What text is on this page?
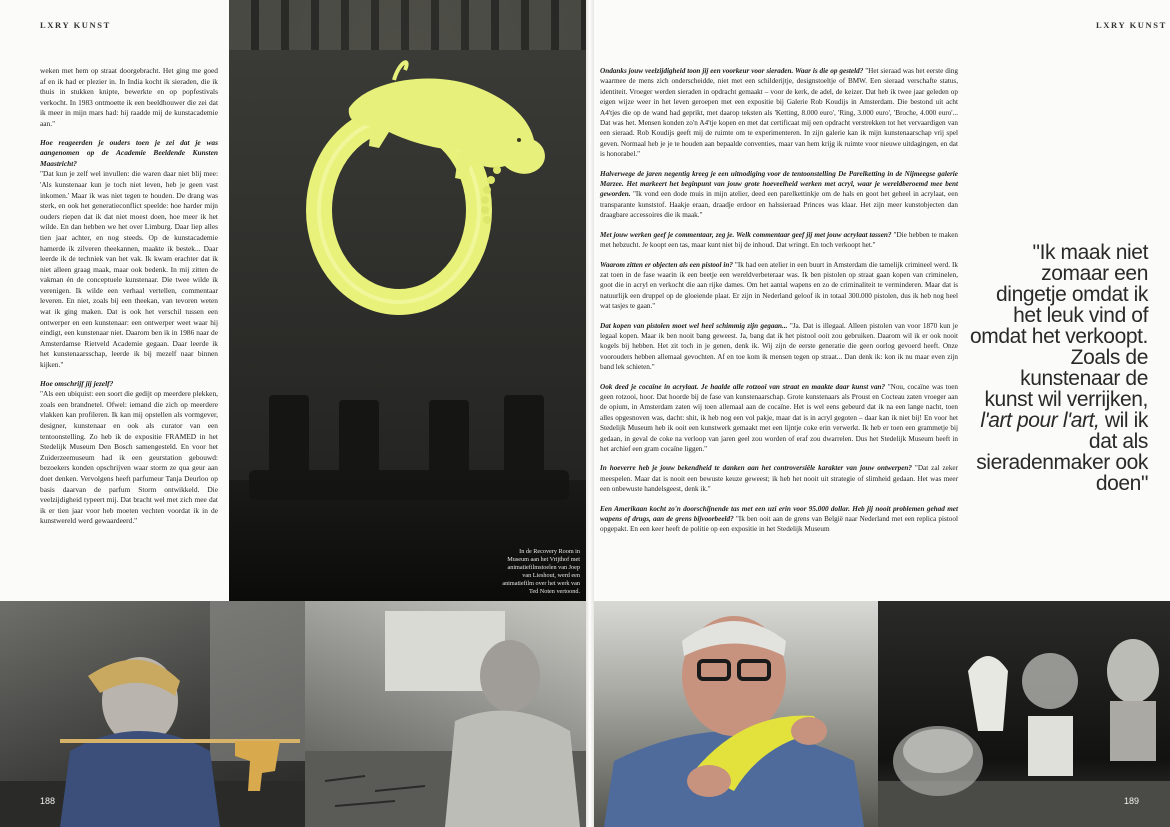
LXRY KUNST	LXRY KUNST

weken met hem op straat doorgebracht. Het ging me goed af en ik had er plezier in. In India kocht ik sieraden, die ik thuis in stukken knipte, bewerkte en op popfestivals verkocht. In 1983 ontmoette ik een beeldhouwer die zei dat ik meer in mijn mars had: hij raadde mij de kunstacademie aan."

Hoe reageerden je ouders toen je zei dat je was aangenomen op de Academie Beeldende Kunsten Maastricht?
"Dat kun je zelf wel invullen: die waren daar niet blij mee: 'Als kunstenaar kun je toch niet leven, heb je geen vast inkomen.' Maar ik was niet tegen te houden. De drang was sterk, en ook het generatieconflict speelde: hoe harder mijn ouders riepen dat ik dat niet moest doen, hoe meer ik het wilde. En dan hebben we het over Limburg. Daar liep alles tien jaar achter, en nog steeds. Op de kunstacademie hamerde ik zilveren theekannen, maakte ik bestek... Daar leerde ik de techniek van het vak. Ik kwam erachter dat ik niet alleen graag maak, maar ook bedenk. In mij zitten de vakman én de conceptuele kunstenaar. Die twee wilde ik verenigen. Ik wilde een verhaal vertellen, commentaar leveren. En niet, zoals bij een theekan, van tevoren weten wat ik ging maken. Dat is ook het verschil tussen een ontwerper en een kunstenaar: een ontwerper weet waar hij eindigt, een kunstenaar niet. Daarom ben ik in 1986 naar de Amsterdamse Rietveld Academie gegaan. Daar leerde ik het kunstenaarsschap, leerde ik bij mezelf naar binnen kijken."

Hoe omschrijf jij jezelf?
"Als een ubiquist: een soort die gedijt op meerdere plekken, zoals een brandnetel. Ofwel: iemand die zich op meerdere vlakken kan profileren. Ik kan mij opstellen als vormgever, designer, kunstenaar en ook als curator van een tentoonstelling. Zo heb ik de expositie FRAMED in het Stedelijk Museum Den Bosch samengesteld. En voor het Zuiderzeemuseum had ik een geurstation gebouwd: bezoekers konden opschrijven waar storm ze qua geur aan doet denken. Vervolgens heeft parfumeur Tanja Deurloo op basis daarvan de parfum Storm ontwikkeld. Die veelzijdigheid typeert mij. Dat bracht wel met zich mee dat ik er tien jaar voor heb moeten vechten voordat ik in de kunstwereld werd gewaardeerd."

In de Recovery Room in Museum aan het Vrijthof met animatiefilmstoelen van Joep van Lieshout, werd een animatiefilm over het werk van Ted Noten vertoond.

Ondanks jouw veelzijdigheid toon jij een voorkeur voor sieraden. Waar is die op gesteld? "Het sieraad was het eerste ding waarmee de mens zich onderscheidde, niet met een schilderijtje, designstoeltje of BMW. Een sieraad verschafte status, identiteit. Vroeger werden sieraden in opdracht gemaakt – voor de kerk, de adel, de keizer. Dat heb ik twee jaar geleden op eigen wijze weer in het leven geroepen met een expositie bij Galerie Rob Koudijs in Amsterdam. Die bestond uit acht A4'tjes die op de wand had geprikt, met daarop teksten als 'Ketting, 8.000 euro', 'Ring, 3.000 euro', 'Broche, 4.000 euro'... Dat was het. Mensen konden zo'n A4'tje kopen en met dat certificaat mij een opdracht verstrekken tot het vervaardigen van een sieraad. Rob Koudijs geeft mij de ruimte om te experimenteren. In zijn galerie kan ik mijn kunstenaarschap vrij spel geven. Normaal heb je je te houden aan bepaalde conventies, maar van hem krijg ik ruimte voor nieuwe uitdagingen, en dat is honorabel."

Halverwege de jaren negentig kreeg je een uitnodiging voor de tentoonstelling De Parelketting in de Nijmeegse galerie Marzee. Het markeert het beginpunt van jouw grote hoeveelheid werken met acryl, waar je wereldberoemd mee bent geworden. "Ik vond een dode muis in mijn atelier, deed een parelkettinkje om de hals en goot het geheel in acrylaat, een transparante kunststof. Haakje eraan, draadje erdoor en halssieraad Princes was klaar. Het zijn meer kunstobjecten dan draagbare accessoires die ik maak."

Met jouw werken geef je commentaar, zeg je. Welk commentaar geef jij met jouw acrylaat tassen? "Die hebben te maken met hebzucht. Je koopt een tas, maar kunt niet bij de inhoud. Dat wringt. En toch verkoopt het."

Waarom zitten er objecten als een pistool in? "Ik had een atelier in een buurt in Amsterdam die tamelijk crimineel werd. Ik zat toen in de fase waarin ik een beetje een wereldverbeteraar was. Ik ben pistolen op straat gaan kopen van criminelen, goot die in acryl en verkocht die aan rijke dames. Om het aantal wapens en zo de criminaliteit te verminderen. Maar dat is natuurlijk een druppel op de gloeiende plaat. Er zijn in Nederland geloof ik in totaal 300.000 pistolen, dus ik heb nog heel wat tasjes te gaan."

Dat kopen van pistolen moet wel heel schimmig zijn gegaan... "Ja. Dat is illegaal. Alleen pistolen van voor 1870 kun je legaal kopen. Maar ik ben nooit bang geweest. Ja, bang dat ik het pistool ooit zou gebruiken. Daarom wil ik er ook nooit kogels bij hebben. Het zit toch in je genen, denk ik. Wij zijn de eerste generatie die geen oorlog gevoerd heeft. Onze voorouders hebben allemaal gevochten. Af en toe kom ik mensen tegen op straat... Dan denk ik: kon ik nu maar even zijn band lek schieten."

Ook deed je cocaïne in acrylaat. Je haalde alle rotzooi van straat en maakte daar kunst van? "Nou, cocaïne was toen geen rotzooi, hoor. Dat hoorde bij de fase van kunstenaarschap. Grote kunstenaars als Proust en Cocteau zaten vroeger aan de opium, in Amsterdam zaten wij toen allemaal aan de cocaïne. Het is wel eens gebeurd dat ik na een lange nacht, toen alles opgesnoven was, dacht: shit, ik heb nog een vol pakje, maar dat is in acryl gegoten – daar kan ik niet bij! En voor het Stedelijk Museum heb ik ooit een kunstwerk gemaakt met een lijntje coke erin verwerkt. Ik heb er toen een grammetje bij gedaan, in geval de coke na verloop van jaren geel zou worden of eraf zou dwarrelen. Dus het Stedelijk Museum heeft in het archief een gram cocaïne liggen."

In hoeverre heb je jouw bekendheid te danken aan het controversiële karakter van jouw ontwerpen? "Dat zal zeker meespelen. Maar dat is nooit een bewuste keuze geweest; ik heb het nooit uit strategie of slimheid gedaan. Het was meer een onbewuste handelsgeest, denk ik."

Een Amerikaan kocht zo'n doorschijnende tas met een uzi erin voor 95.000 dollar. Heb jij nooit problemen gehad met wapens of drugs, aan de grens bijvoorbeeld? "Ik ben ooit aan de grens van België naar Nederland met een replica pistool opgepakt. En een keer heeft de politie op een expositie in het Stedelijk Museum

"Ik maak niet zomaar een dingetje omdat ik het leuk vind of omdat het verkoopt. Zoals de kunstenaar de kunst wil verrijken, l'art pour l'art, wil ik dat als sieradenmaker ook doen"
188	189
